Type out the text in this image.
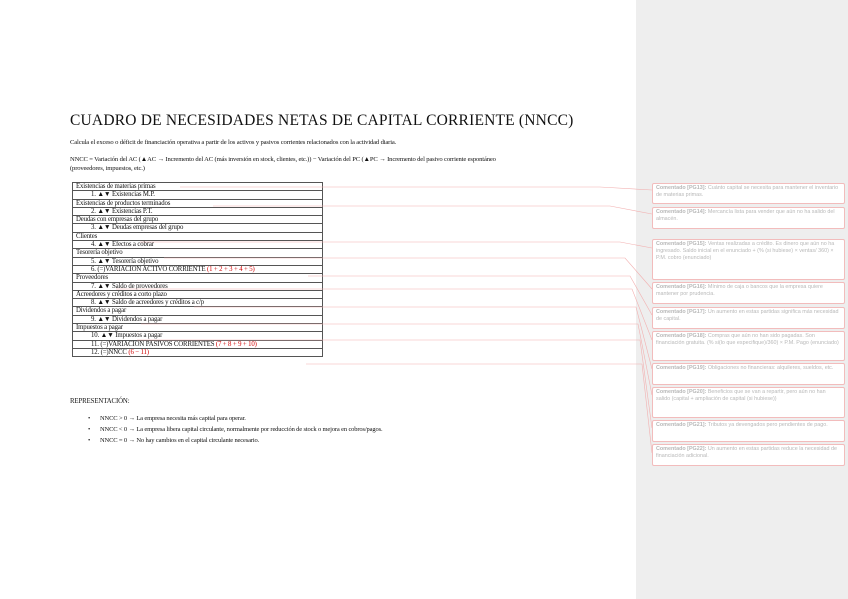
CUADRO DE NECESIDADES NETAS DE CAPITAL CORRIENTE (NNCC)
Calcula el exceso o déficit de financiación operativa a partir de los activos y pasivos corrientes relacionados con la actividad diaria.
NNCC = Variación del AC (▲AC → Incremento del AC (más inversión en stock, clientes, etc.)) − Variación del PC (▲PC → Incremento del pasivo corriente espontáneo (proveedores, impuestos, etc.)
Existencias de materias primas
1. ▲▼ Existencias M.P.
Existencias de productos terminados
2. ▲▼ Existencias P.T.
Deudas con empresas del grupo
3. ▲▼ Deudas empresas del grupo
Clientes
4. ▲▼ Efectos a cobrar
Tesorería objetivo
5. ▲▼ Tesorería objetivo
6. (=)VARIACIÓN ACTIVO CORRIENTE (1 + 2 + 3 + 4 + 5)
Proveedores
7. ▲▼ Saldo de proveedores
Acreedores y créditos a corto plazo
8. ▲▼ Saldo de acreedores y créditos a c/p
Dividendos a pagar
9. ▲▼ Dividendos a pagar
Impuestos a pagar
10. ▲▼ Impuestos a pagar
11. (=)VARIACIÓN PASIVOS CORRIENTES (7 + 8 + 9 + 10)
12. (=)NNCC (6 − 11)
REPRESENTACIÓN:
• NNCC > 0 → La empresa necesita más capital para operar.
• NNCC < 0 → La empresa libera capital circulante, normalmente por reducción de stock o mejora en cobros/pagos.
• NNCC = 0 → No hay cambios en el capital circulante necesario.
Comentado [PG13]: Cuánto capital se necesita para mantener el inventario de materias primas.
Comentado [PG14]: Mercancía lista para vender que aún no ha salido del almacén.
Comentado [PG15]: Ventas realizadas a crédito. Es dinero que aún no ha ingresado. Saldo inicial en el enunciado + (% (si hubiese) × ventas/ 360) × P.M. cobro (enunciado)
Comentado [PG16]: Mínimo de caja o bancos que la empresa quiere mantener por prudencia.
Comentado [PG17]: Un aumento en estas partidas significa más necesidad de capital.
Comentado [PG18]: Compras que aún no han sido pagadas. Son financiación gratuita. (% si(lo que especifique)/360) × P.M. Pago (enunciado)
Comentado [PG19]: Obligaciones no financieras: alquileres, sueldos, etc.
Comentado [PG20]: Beneficios que se van a repartir, pero aún no han salido (capital + ampliación de capital (si hubiese))
Comentado [PG21]: Tributos ya devengados pero pendientes de pago.
Comentado [PG22]: Un aumento en estas partidas reduce la necesidad de financiación adicional.
